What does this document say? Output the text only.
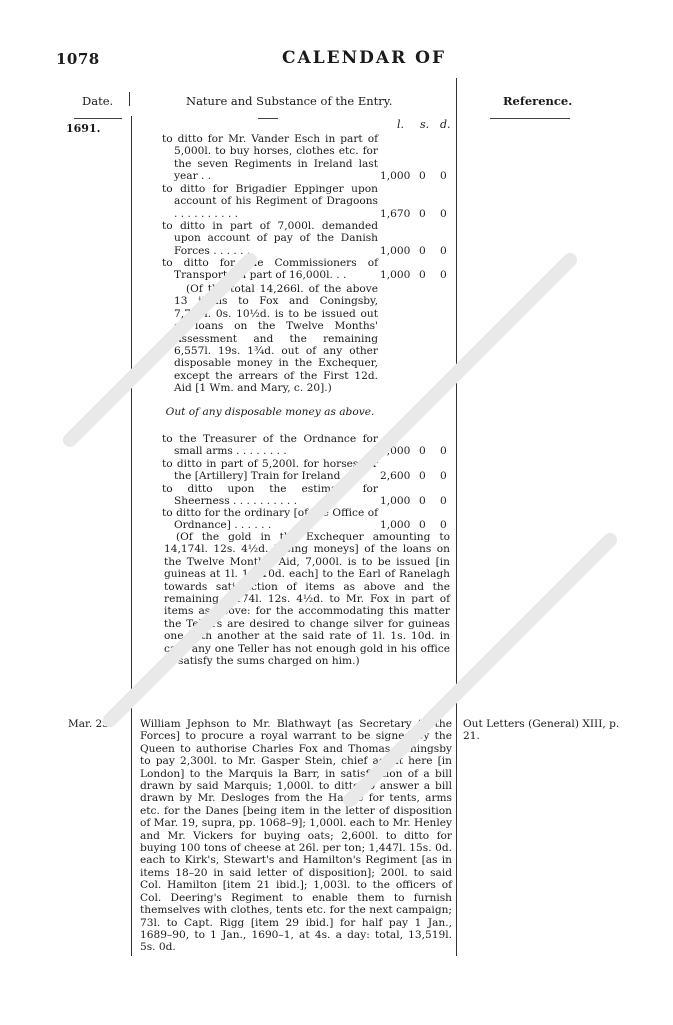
1078	CALENDAR OF
Date.	Nature and Substance of the Entry.	Reference.
1691.	l. s. d.
to ditto for Mr. Vander Esch in part of 5,000l. to buy horses, clothes etc. for the seven Regiments in Ireland last year . .	1,000 0 0
to ditto for Brigadier Eppinger upon account of his Regiment of Dragoons . . . . . . . . . .	1,670 0 0
to ditto in part of 7,000l. demanded upon account of pay of the Danish Forces . . . . . .	1,000 0 0
to ditto for the Commissioners of Transports in part of 16,000l. . .	1,000 0 0
(Of the total 14,266l. of the above 13 items to Fox and Coningsby, 7,708l. 0s. 10½d. is to be issued out of loans on the Twelve Months' Assessment and the remaining 6,557l. 19s. 1¾d. out of any other disposable money in the Exchequer, except the arrears of the First 12d. Aid [1 Wm. and Mary, c. 20].)
Out of any disposable money as above.
to the Treasurer of the Ordnance for small arms . . . . . . . .	1,000 0 0
to ditto in part of 5,200l. for horses for the [Artillery] Train for Ireland	2,600 0 0
to ditto upon the estimate for Sheerness . . . . . . . . . .	1,000 0 0
to ditto for the ordinary [of the Office of Ordnance] . . . . . .	1,000 0 0
(Of the gold in the Exchequer amounting to 14,174l. 12s. 4½d. [being moneys] of the loans on the Twelve Months' Aid, 7,000l. is to be issued [in guineas at 1l. 1s. 10d. each] to the Earl of Ranelagh towards satisfaction of items as above and the remaining 7,174l. 12s. 4½d. to Mr. Fox in part of items as above: for the accommodating this matter the Tellers are desired to change silver for guineas one with another at the said rate of 1l. 1s. 10d. in case any one Teller has not enough gold in his office to satisfy the sums charged on him.)
Mar. 25.	William Jephson to Mr. Blathwayt [as Secretary to the Forces] to procure a royal warrant to be signed by the Queen to authorise Charles Fox and Thomas Coningsby to pay 2,300l. to Mr. Gasper Stein, chief agent here [in London] to the Marquis la Barr, in satisfaction of a bill drawn by said Marquis; 1,000l. to ditto to answer a bill drawn by Mr. Desloges from the Hague for tents, arms etc. for the Danes [being item in the letter of disposition of Mar. 19, supra, pp. 1068–9]; 1,000l. each to Mr. Henley and Mr. Vickers for buying oats; 2,600l. to ditto for buying 100 tons of cheese at 26l. per ton; 1,447l. 15s. 0d. each to Kirk's, Stewart's and Hamilton's Regiment [as in items 18–20 in said letter of disposition]; 200l. to said Col. Hamilton [item 21 ibid.]; 1,003l. to the officers of Col. Deering's Regiment to enable them to furnish themselves with clothes, tents etc. for the next campaign; 73l. to Capt. Rigg [item 29 ibid.] for half pay 1 Jan., 1689–90, to 1 Jan., 1690–1, at 4s. a day: total, 13,519l. 5s. 0d.
Out Letters (General) XIII, p. 21.
